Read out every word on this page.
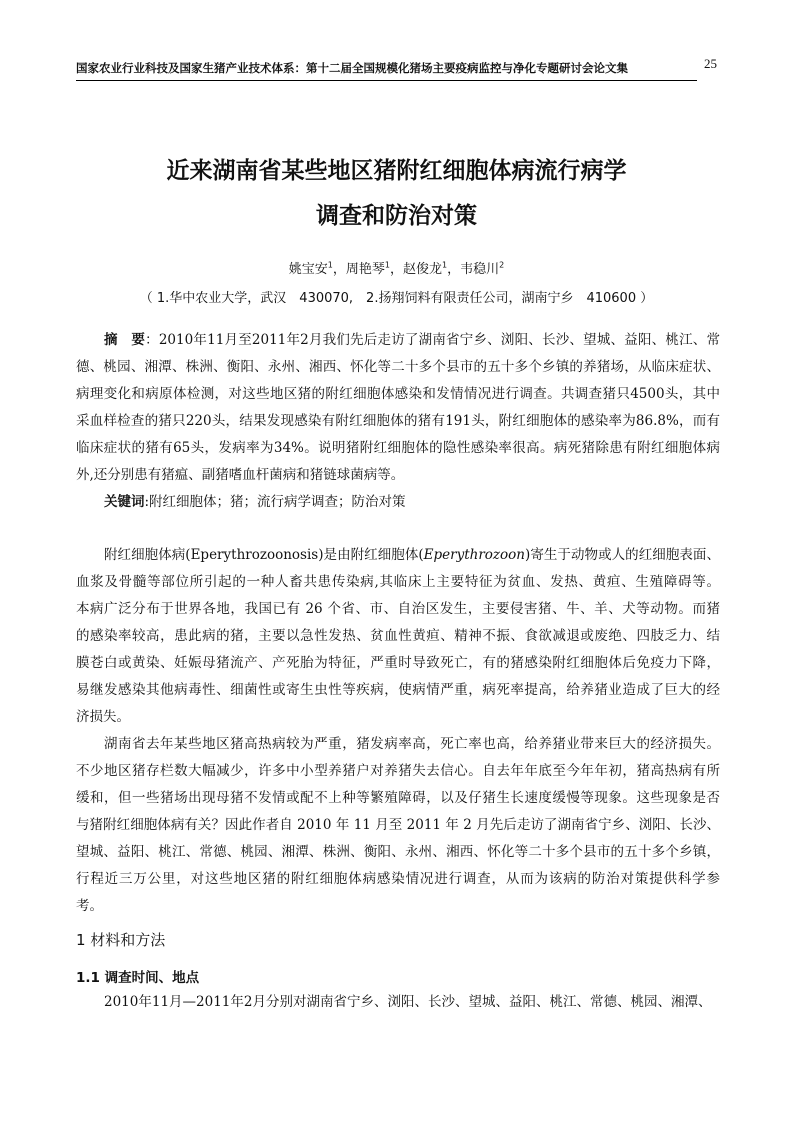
国家农业行业科技及国家生猪产业技术体系：第十二届全国规模化猪场主要疫病监控与净化专题研讨会论文集	25
近来湖南省某些地区猪附红细胞体病流行病学
调查和防治对策
姚宝安$^1$，周艳琴$^1$，赵俊龙$^1$，韦稳川$^2$
（ 1.华中农业大学，武汉　430070,　2.扬翔饲料有限责任公司，湖南宁乡　410600 ）
摘　要：2010年11月至2011年2月我们先后走访了湖南省宁乡、浏阳、长沙、望城、益阳、桃江、常
德、桃园、湘潭、株洲、衡阳、永州、湘西、怀化等二十多个县市的五十多个乡镇的养猪场，从临床症状、
病理变化和病原体检测，对这些地区猪的附红细胞体感染和发情情况进行调查。共调查猪只4500头，其中
采血样检查的猪只220头，结果发现感染有附红细胞体的猪有191头，附红细胞体的感染率为86.8%，而有
临床症状的猪有65头，发病率为34%。说明猪附红细胞体的隐性感染率很高。病死猪除患有附红细胞体病
外,还分别患有猪瘟、副猪嗜血杆菌病和猪链球菌病等。
关键词:附红细胞体；猪；流行病学调查；防治对策
附红细胞体病(Eperythrozoonosis)是由附红细胞体(Eperythrozoon)寄生于动物或人的红细胞表面、
血浆及骨髓等部位所引起的一种人畜共患传染病,其临床上主要特征为贫血、发热、黄疸、生殖障碍等。
本病广泛分布于世界各地，我国已有 26 个省、市、自治区发生，主要侵害猪、牛、羊、犬等动物。而猪
的感染率较高，患此病的猪，主要以急性发热、贫血性黄疸、精神不振、食欲减退或废绝、四肢乏力、结
膜苍白或黄染、妊娠母猪流产、产死胎为特征，严重时导致死亡，有的猪感染附红细胞体后免疫力下降，
易继发感染其他病毒性、细菌性或寄生虫性等疾病，使病情严重，病死率提高，给养猪业造成了巨大的经
济损失。
湖南省去年某些地区猪高热病较为严重，猪发病率高，死亡率也高，给养猪业带来巨大的经济损失。
不少地区猪存栏数大幅减少，许多中小型养猪户对养猪失去信心。自去年年底至今年年初，猪高热病有所
缓和，但一些猪场出现母猪不发情或配不上种等繁殖障碍，以及仔猪生长速度缓慢等现象。这些现象是否
与猪附红细胞体病有关？因此作者自 2010 年 11 月至 2011 年 2 月先后走访了湖南省宁乡、浏阳、长沙、
望城、益阳、桃江、常德、桃园、湘潭、株洲、衡阳、永州、湘西、怀化等二十多个县市的五十多个乡镇，
行程近三万公里，对这些地区猪的附红细胞体病感染情况进行调查，从而为该病的防治对策提供科学参
考。
1 材料和方法
1.1 调查时间、地点
2010年11月—2011年2月分别对湖南省宁乡、浏阳、长沙、望城、益阳、桃江、常德、桃园、湘潭、
